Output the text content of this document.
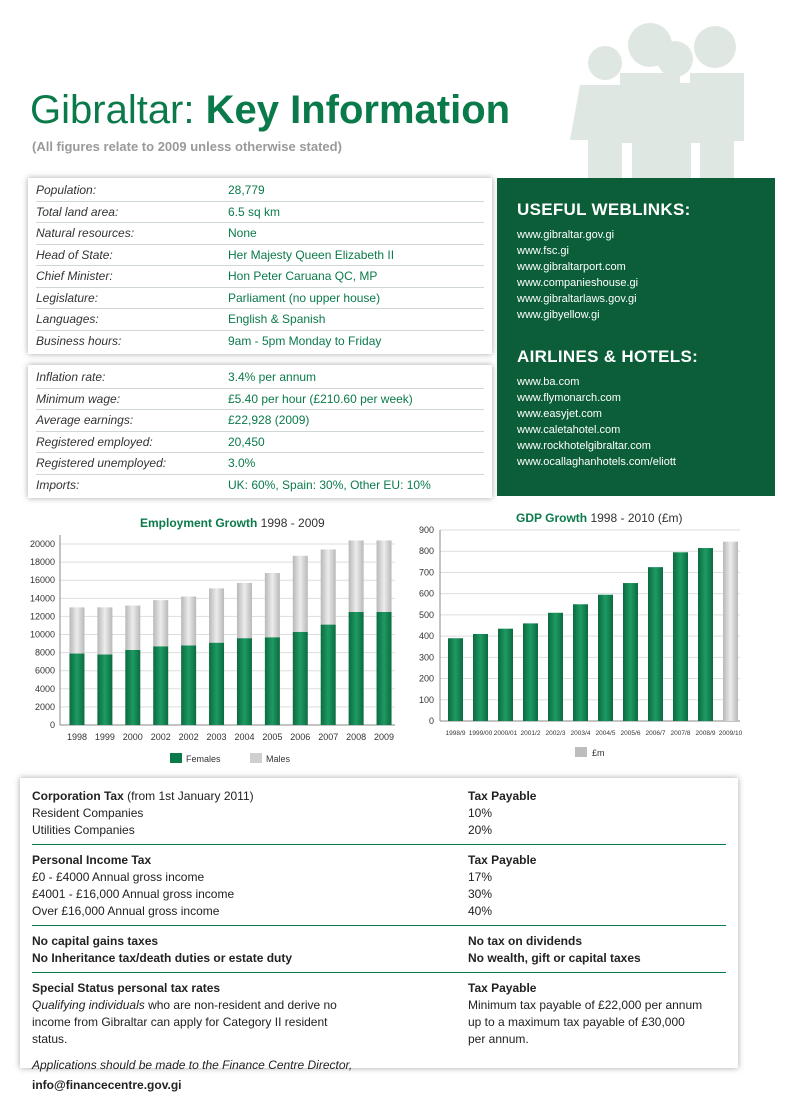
Gibraltar: Key Information
(All figures relate to 2009 unless otherwise stated)
Population:	28,779
Total land area:	6.5 sq km
Natural resources:	None
Head of State:	Her Majesty Queen Elizabeth II
Chief Minister:	Hon Peter Caruana QC, MP
Legislature:	Parliament (no upper house)
Languages:	English & Spanish
Business hours:	9am - 5pm Monday to Friday
Inflation rate:	3.4% per annum
Minimum wage:	£5.40 per hour (£210.60 per week)
Average earnings:	£22,928 (2009)
Registered employed:	20,450
Registered unemployed:	3.0%
Imports:	UK: 60%, Spain: 30%, Other EU: 10%
USEFUL WEBLINKS:
www.gibraltar.gov.gi
www.fsc.gi
www.gibraltarport.com
www.companieshouse.gi
www.gibraltarlaws.gov.gi
www.gibyellow.gi
AIRLINES & HOTELS:
www.ba.com
www.flymonarch.com
www.easyjet.com
www.caletahotel.com
www.rockhotelgibraltar.com
www.ocallaghanhotels.com/eliott
Employment Growth 1998 - 2009
0
2000
4000
6000
8000
10000
12000
14000
16000
18000
20000
1998 1999 2000 2002 2002 2003 2004 2005 2006 2007 2008 2009
Females	Males
GDP Growth 1998 - 2010 (£m)
0
100
200
300
400
500
600
700
800
900
1998/9 1999/00 2000/01 2001/2 2002/3 2003/4 2004/5 2005/6 2006/7 2007/8 2008/9 2009/10
£m
Corporation Tax (from 1st January 2011)	Tax Payable
Resident Companies	10%
Utilities Companies	20%
Personal Income Tax	Tax Payable
£0 - £4000 Annual gross income	17%
£4001 - £16,000 Annual gross income	30%
Over £16,000 Annual gross income	40%
No capital gains taxes	No tax on dividends
No Inheritance tax/death duties or estate duty	No wealth, gift or capital taxes
Special Status personal tax rates	Tax Payable
Qualifying individuals who are non-resident and derive no	Minimum tax payable of £22,000 per annum
income from Gibraltar can apply for Category II resident	up to a maximum tax payable of £30,000
status.	per annum.
Applications should be made to the Finance Centre Director,
info@financecentre.gov.gi
